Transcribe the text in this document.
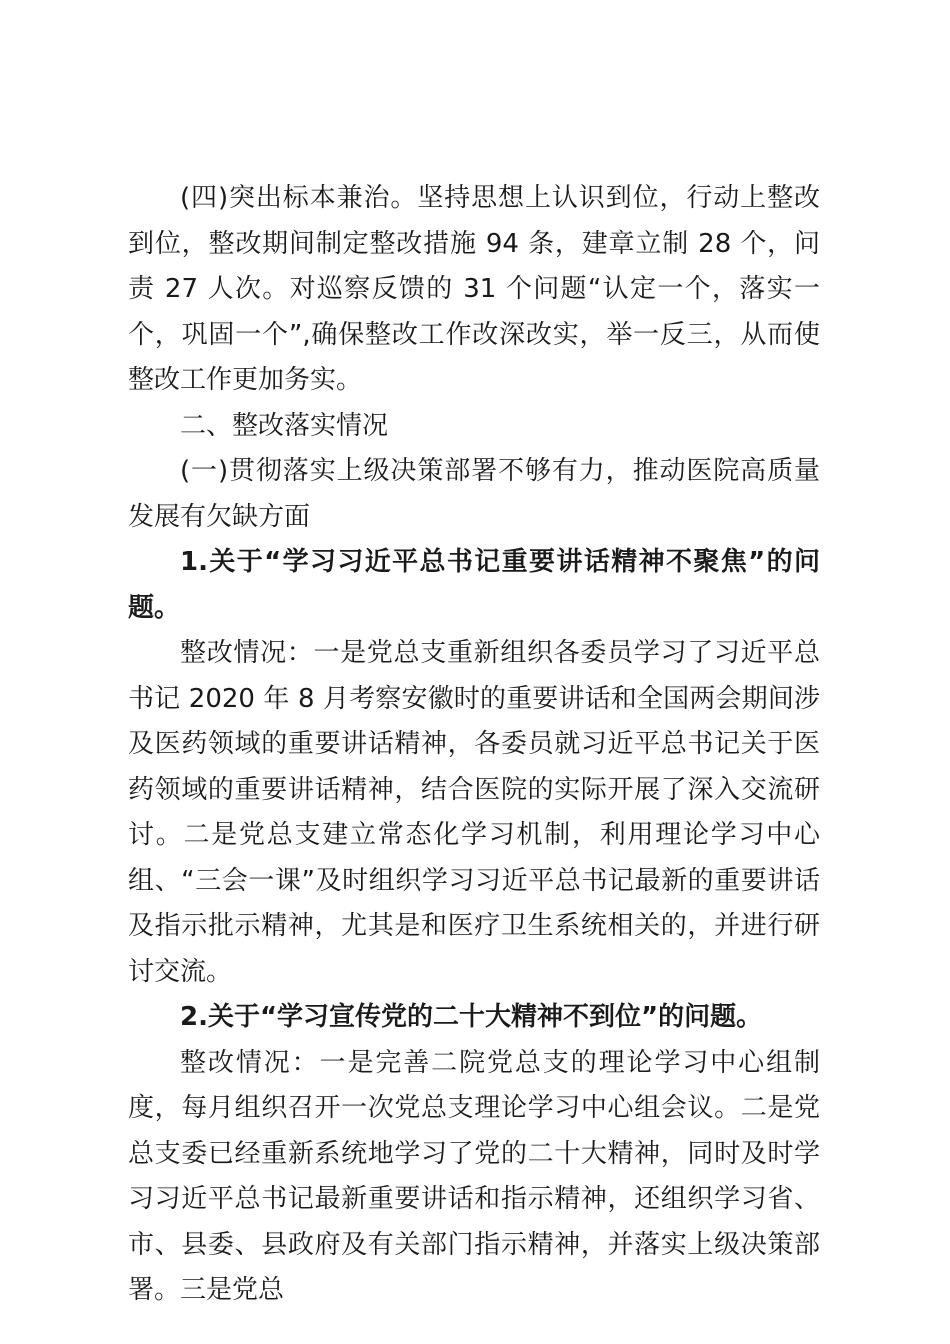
(四)突出标本兼治。坚持思想上认识到位，行动上整改到位，整改期间制定整改措施 94 条，建章立制 28 个，问责 27 人次。对巡察反馈的 31 个问题“认定一个，落实一个，巩固一个”,确保整改工作改深改实，举一反三，从而使整改工作更加务实。

二、整改落实情况

(一)贯彻落实上级决策部署不够有力，推动医院高质量发展有欠缺方面

1.关于“学习习近平总书记重要讲话精神不聚焦”的问题。

整改情况：一是党总支重新组织各委员学习了习近平总书记 2020 年 8 月考察安徽时的重要讲话和全国两会期间涉及医药领域的重要讲话精神，各委员就习近平总书记关于医药领域的重要讲话精神，结合医院的实际开展了深入交流研讨。二是党总支建立常态化学习机制，利用理论学习中心组、“三会一课”及时组织学习习近平总书记最新的重要讲话及指示批示精神，尤其是和医疗卫生系统相关的，并进行研讨交流。

2.关于“学习宣传党的二十大精神不到位”的问题。

整改情况：一是完善二院党总支的理论学习中心组制度，每月组织召开一次党总支理论学习中心组会议。二是党总支委已经重新系统地学习了党的二十大精神，同时及时学习习近平总书记最新重要讲话和指示精神，还组织学习省、市、县委、县政府及有关部门指示精神，并落实上级决策部署。三是党总
